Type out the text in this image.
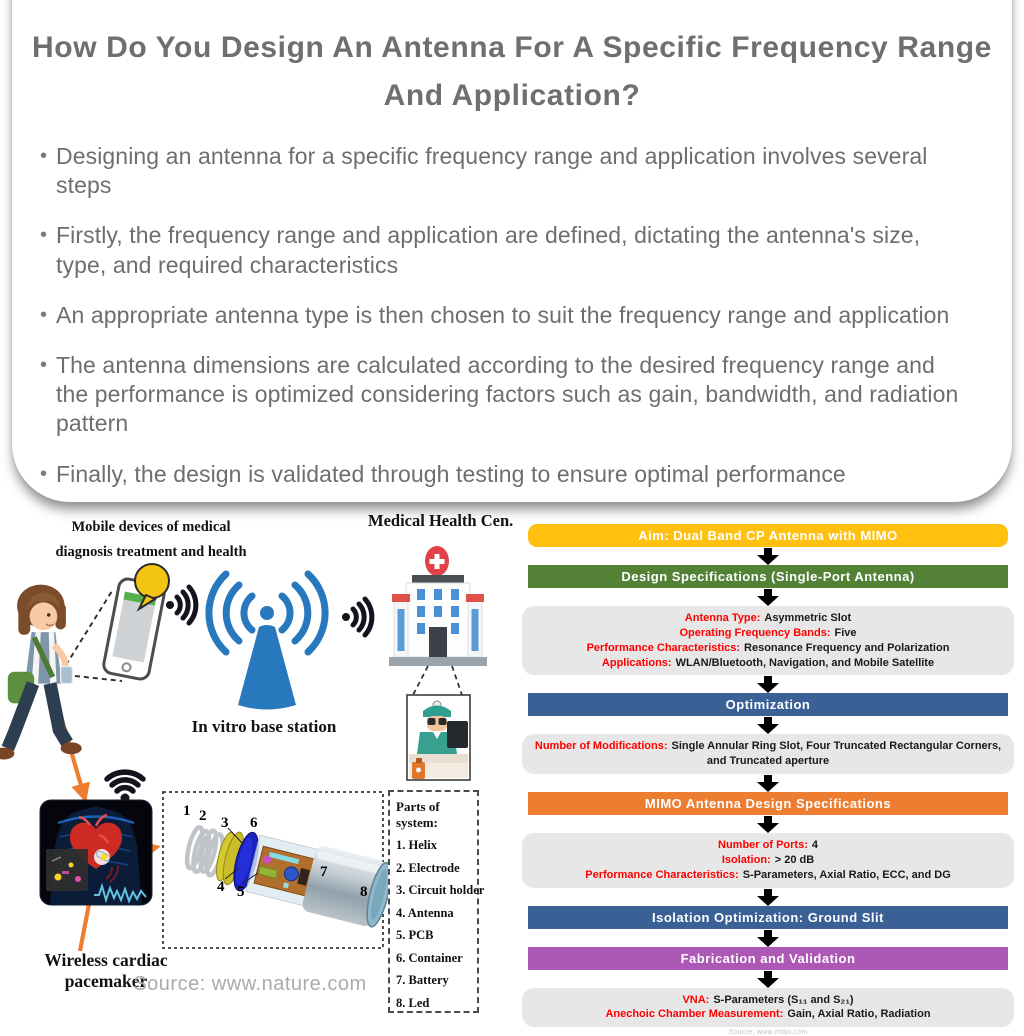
How Do You Design An Antenna For A Specific Frequency Range And Application?
• Designing an antenna for a specific frequency range and application involves several steps
• Firstly, the frequency range and application are defined, dictating the antenna's size, type, and required characteristics
• An appropriate antenna type is then chosen to suit the frequency range and application
• The antenna dimensions are calculated according to the desired frequency range and the performance is optimized considering factors such as gain, bandwidth, and radiation pattern
• Finally, the design is validated through testing to ensure optimal performance
1 2 3
4 5
6
7
8
Mobile devices of medical diagnosis treatment and health
Medical Health Cen.
In vitro base station
Wireless cardiac pacemaker
Source: www.nature.com
Parts of system:
1. Helix
2. Electrode
3. Circuit holder
4. Antenna
5. PCB
6. Container
7. Battery
8. Led
Aim: Dual Band CP Antenna with MIMO
Design Specifications (Single-Port Antenna)
Antenna Type: Asymmetric Slot
Operating Frequency Bands: Five
Performance Characteristics: Resonance Frequency and Polarization
Applications: WLAN/Bluetooth, Navigation, and Mobile Satellite
Optimization
Number of Modifications: Single Annular Ring Slot, Four Truncated Rectangular Corners, and Truncated aperture
MIMO Antenna Design Specifications
Number of Ports: 4
Isolation: > 20 dB
Performance Characteristics: S-Parameters, Axial Ratio, ECC, and DG
Isolation Optimization: Ground Slit
Fabrication and Validation
VNA: S-Parameters (S₁₁ and S₂₁)
Anechoic Chamber Measurement: Gain, Axial Ratio, Radiation
Source: www.mdpi.com
